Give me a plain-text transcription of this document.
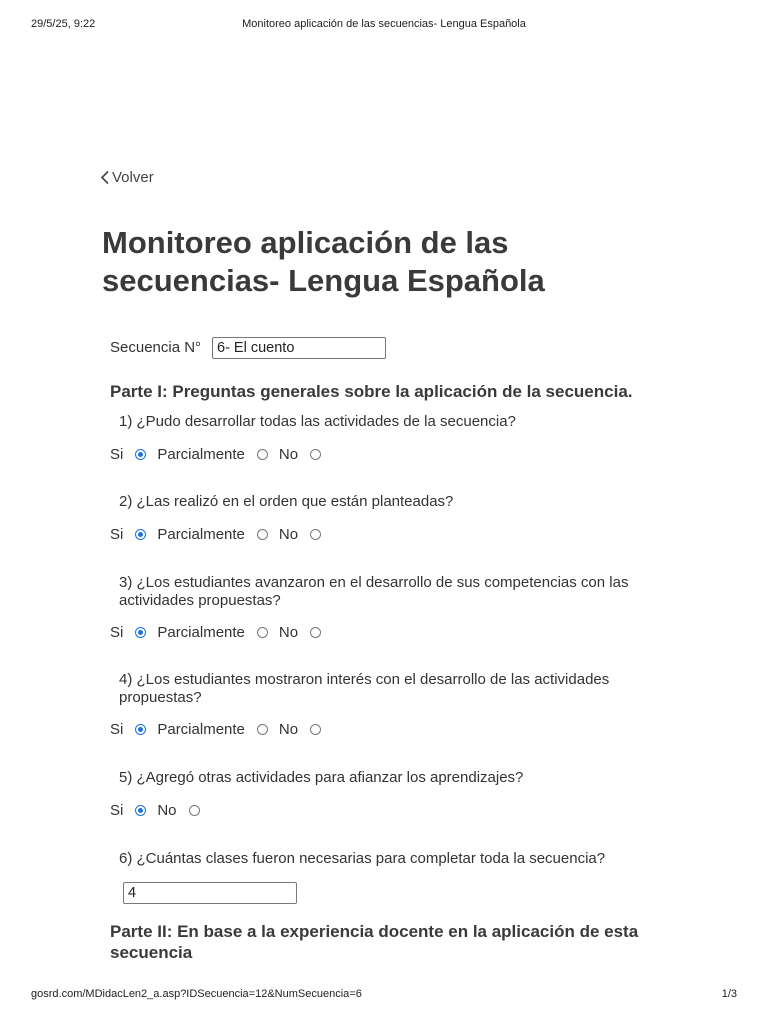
29/5/25, 9:22	Monitoreo aplicación de las secuencias- Lengua Española
Volver
Monitoreo aplicación de las secuencias- Lengua Española
Secuencia N°
6- El cuento
Parte I: Preguntas generales sobre la aplicación de la secuencia.

1) ¿Pudo desarrollar todas las actividades de la secuencia?

Si Parcialmente No

2) ¿Las realizó en el orden que están planteadas?

Si Parcialmente No

3) ¿Los estudiantes avanzaron en el desarrollo de sus competencias con las actividades propuestas?

Si Parcialmente No

4) ¿Los estudiantes mostraron interés con el desarrollo de las actividades propuestas?

Si Parcialmente No

5) ¿Agregó otras actividades para afianzar los aprendizajes?

Si No

6) ¿Cuántas clases fueron necesarias para completar toda la secuencia?

4
Parte II: En base a la experiencia docente en la aplicación de esta secuencia
gosrd.com/MDidacLen2_a.asp?IDSecuencia=12&NumSecuencia=6	1/3
